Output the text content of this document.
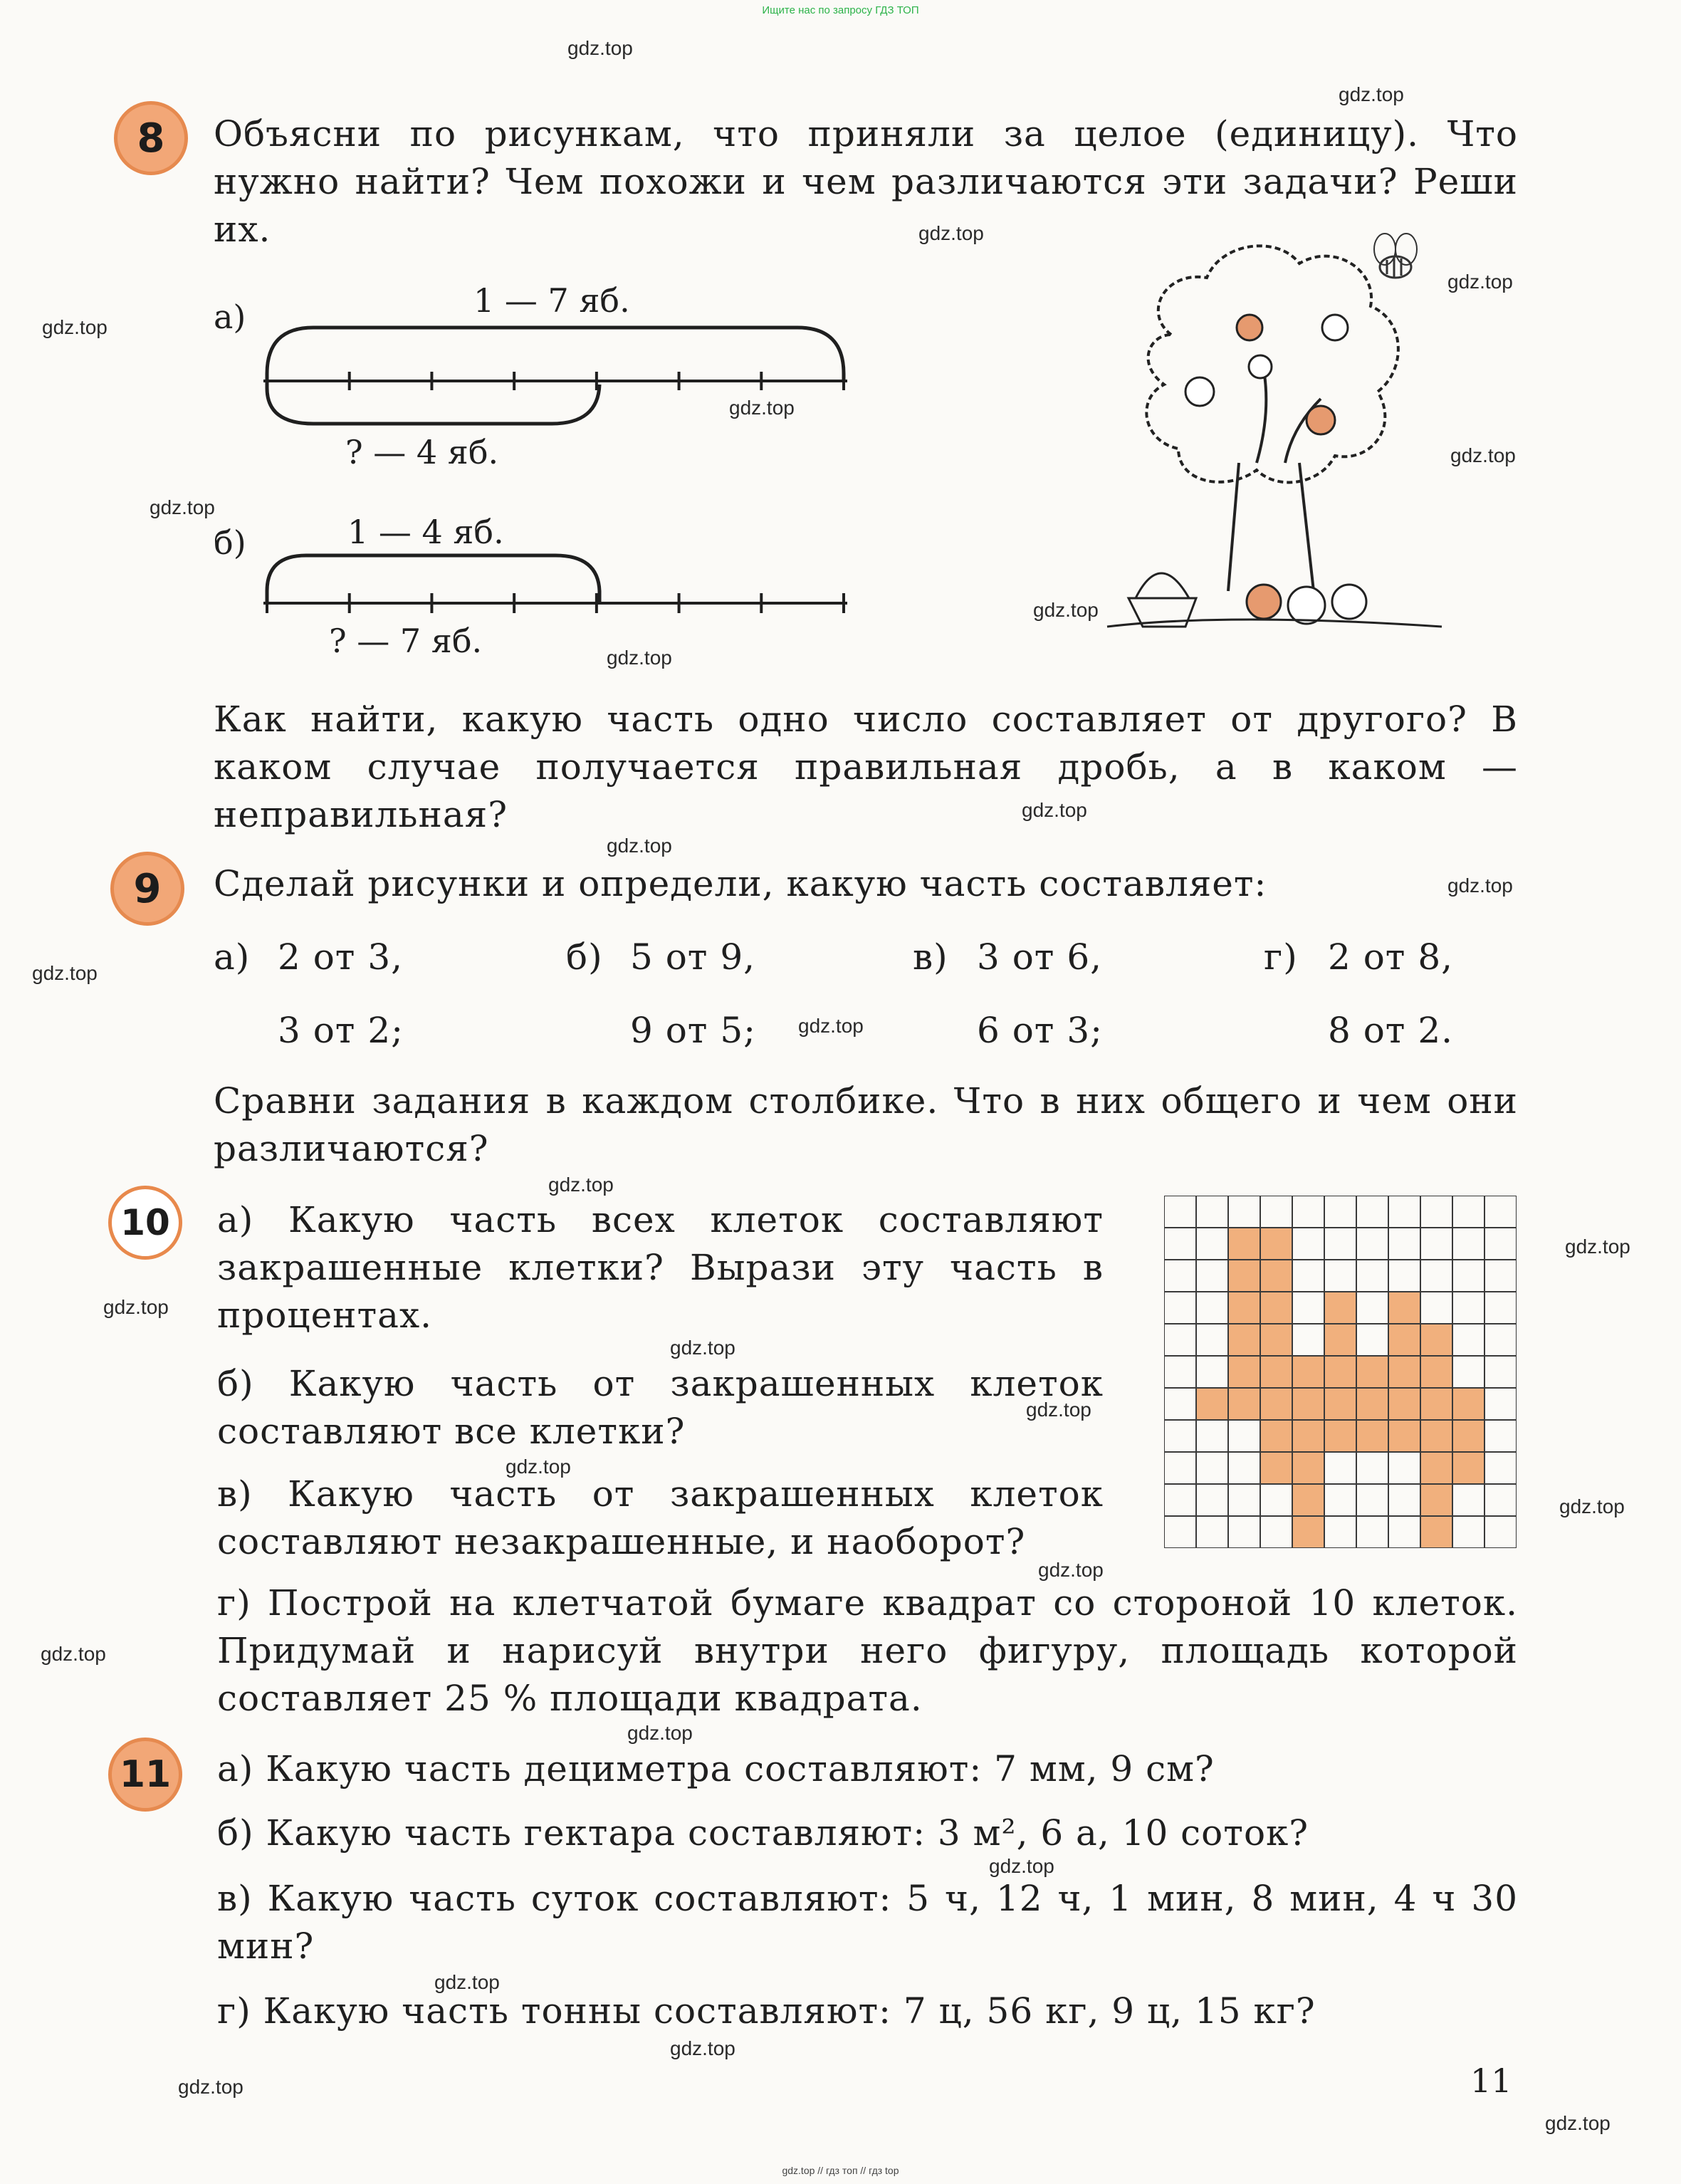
Ищите нас по запросу ГДЗ ТОП
gdz.top
gdz.top
gdz.top
gdz.top
gdz.top
gdz.top
gdz.top
gdz.top
gdz.top
gdz.top
gdz.top
gdz.top
gdz.top
gdz.top
gdz.top
gdz.top
gdz.top
gdz.top
gdz.top
gdz.top
gdz.top
gdz.top
gdz.top
gdz.top
gdz.top
gdz.top
gdz.top
gdz.top
gdz.top
gdz.top
8	Объясни по рисункам, что приняли за целое (единицу). Что нужно найти? Чем похожи и чем различаются эти задачи? Реши их.
а)	1 — 7 яб.
? — 4 яб.
б)	1 — 4 яб.
? — 7 яб.
Как найти, какую часть одно число составляет от другого? В каком случае получается правильная дробь, а в каком — неправильная?
9	Сделай рисунки и определи, какую часть составляет:
а) 2 от 3,
3 от 2;
б) 5 от 9,
9 от 5;
в) 3 от 6,
6 от 3;
г) 2 от 8,
8 от 2.
Сравни задания в каждом столбике. Что в них общего и чем они различаются?
10	а) Какую часть всех клеток составляют закрашенные клетки? Вырази эту часть в процентах.
б) Какую часть от закрашенных клеток составляют все клетки?
в) Какую часть от закрашенных клеток составляют незакрашенные, и наоборот?
г) Построй на клетчатой бумаге квадрат со стороной 10 клеток. Придумай и нарисуй внутри него фигуру, площадь которой составляет 25 % площади квадрата.
11	а) Какую часть дециметра составляют: 7 мм, 9 см?
б) Какую часть гектара составляют: 3 м², 6 а, 10 соток?
в) Какую часть суток составляют: 5 ч, 12 ч, 1 мин, 8 мин, 4 ч 30 мин?
г) Какую часть тонны составляют: 7 ц, 56 кг, 9 ц, 15 кг?
11
gdz.top // гдз топ // гдз top
